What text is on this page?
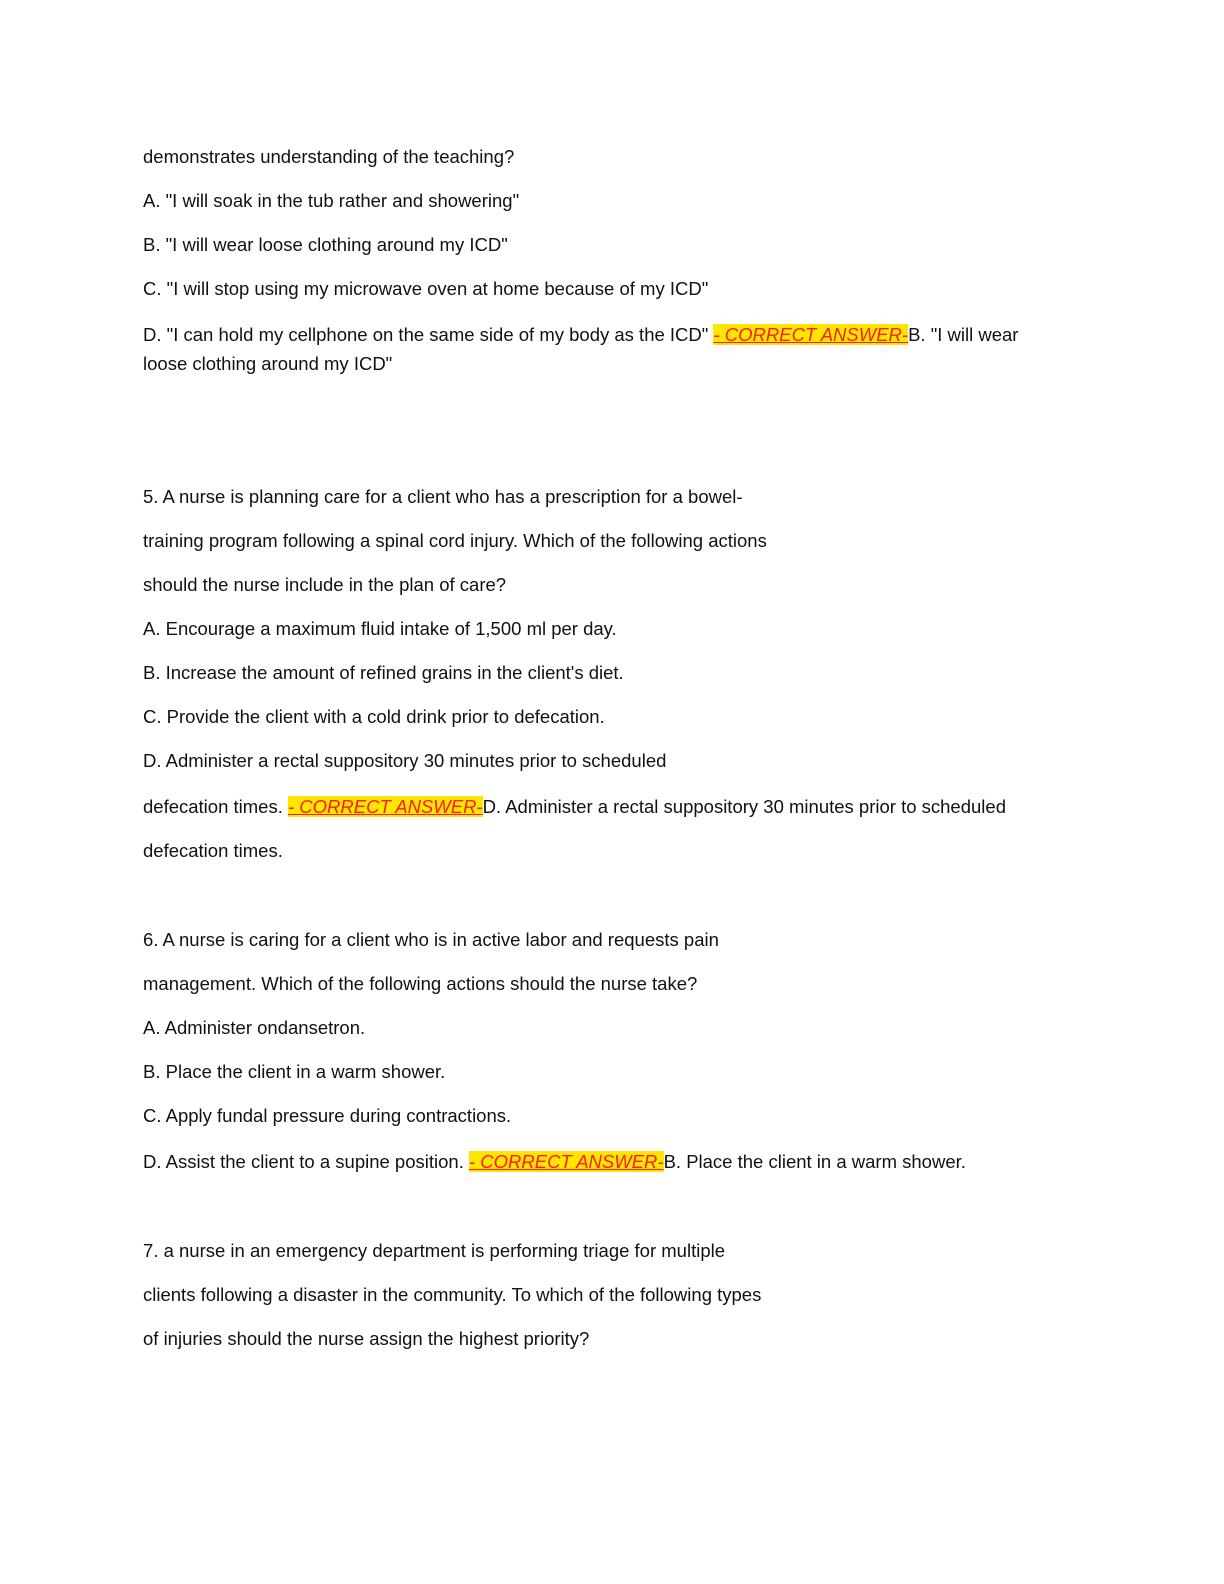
demonstrates understanding of the teaching?

A. "I will soak in the tub rather and showering"

B. "I will wear loose clothing around my ICD"

C. "I will stop using my microwave oven at home because of my ICD"

D. "I can hold my cellphone on the same side of my body as the ICD" - CORRECT ANSWER-B. "I will wear loose clothing around my ICD"

5. A nurse is planning care for a client who has a prescription for a bowel-

training program following a spinal cord injury. Which of the following actions

should the nurse include in the plan of care?

A. Encourage a maximum fluid intake of 1,500 ml per day.

B. Increase the amount of refined grains in the client's diet.

C. Provide the client with a cold drink prior to defecation.

D. Administer a rectal suppository 30 minutes prior to scheduled

defecation times. - CORRECT ANSWER-D. Administer a rectal suppository 30 minutes prior to scheduled

defecation times.

6. A nurse is caring for a client who is in active labor and requests pain

management. Which of the following actions should the nurse take?

A. Administer ondansetron.

B. Place the client in a warm shower.

C. Apply fundal pressure during contractions.

D. Assist the client to a supine position. - CORRECT ANSWER-B. Place the client in a warm shower.

7. a nurse in an emergency department is performing triage for multiple

clients following a disaster in the community. To which of the following types

of injuries should the nurse assign the highest priority?
